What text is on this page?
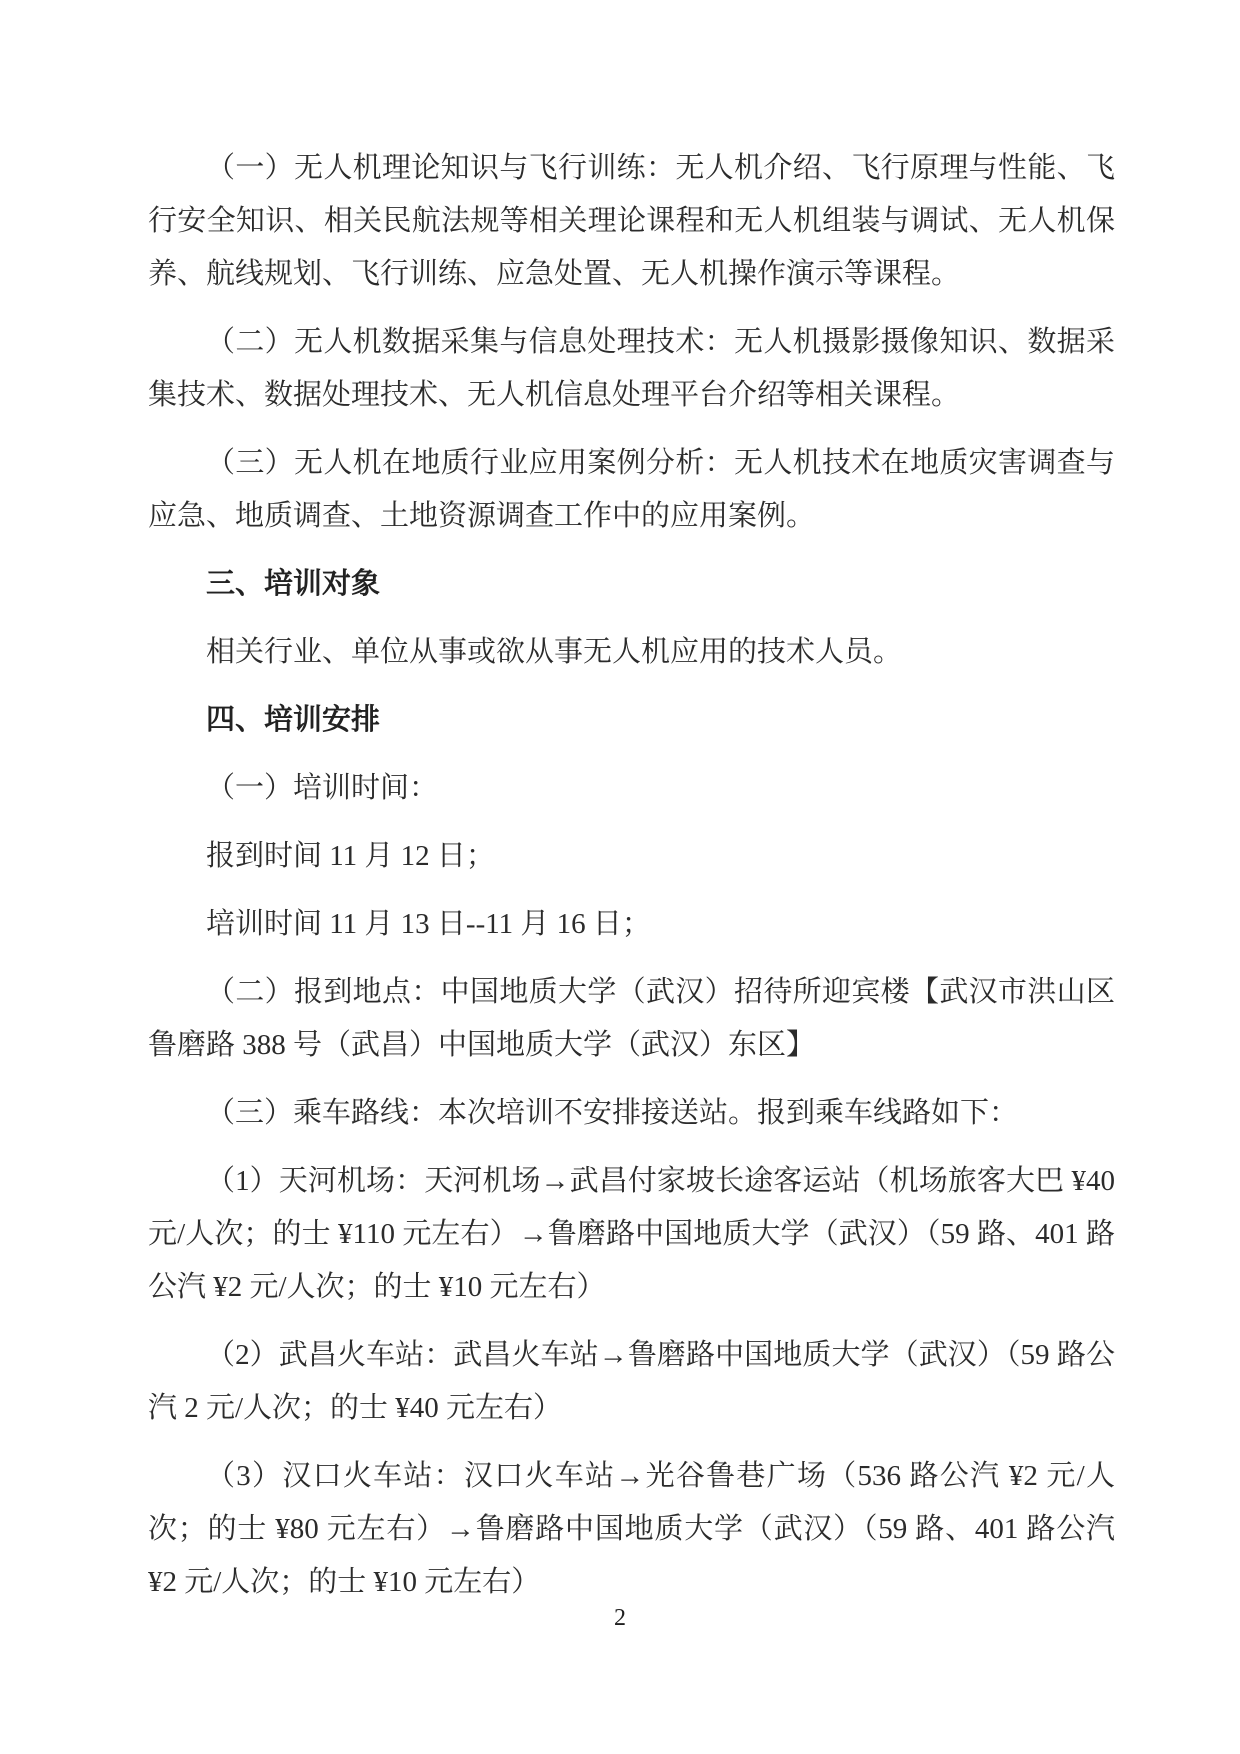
（一）无人机理论知识与飞行训练：无人机介绍、飞行原理与性能、飞行安全知识、相关民航法规等相关理论课程和无人机组装与调试、无人机保养、航线规划、飞行训练、应急处置、无人机操作演示等课程。

（二）无人机数据采集与信息处理技术：无人机摄影摄像知识、数据采集技术、数据处理技术、无人机信息处理平台介绍等相关课程。

（三）无人机在地质行业应用案例分析：无人机技术在地质灾害调查与应急、地质调查、土地资源调查工作中的应用案例。

三、培训对象

相关行业、单位从事或欲从事无人机应用的技术人员。

四、培训安排

（一）培训时间：

报到时间 11 月 12 日；

培训时间 11 月 13 日--11 月 16 日；

（二）报到地点：中国地质大学（武汉）招待所迎宾楼【武汉市洪山区鲁磨路 388 号（武昌）中国地质大学（武汉）东区】

（三）乘车路线：本次培训不安排接送站。报到乘车线路如下：

（1）天河机场：天河机场→武昌付家坡长途客运站（机场旅客大巴 ¥40 元/人次；的士 ¥110 元左右）→鲁磨路中国地质大学（武汉）（59 路、401 路公汽 ¥2 元/人次；的士 ¥10 元左右）

（2）武昌火车站：武昌火车站→鲁磨路中国地质大学（武汉）（59 路公汽 2 元/人次；的士 ¥40 元左右）

（3）汉口火车站：汉口火车站→光谷鲁巷广场（536 路公汽 ¥2 元/人次；的士 ¥80 元左右）→鲁磨路中国地质大学（武汉）（59 路、401 路公汽 ¥2 元/人次；的士 ¥10 元左右）

2
